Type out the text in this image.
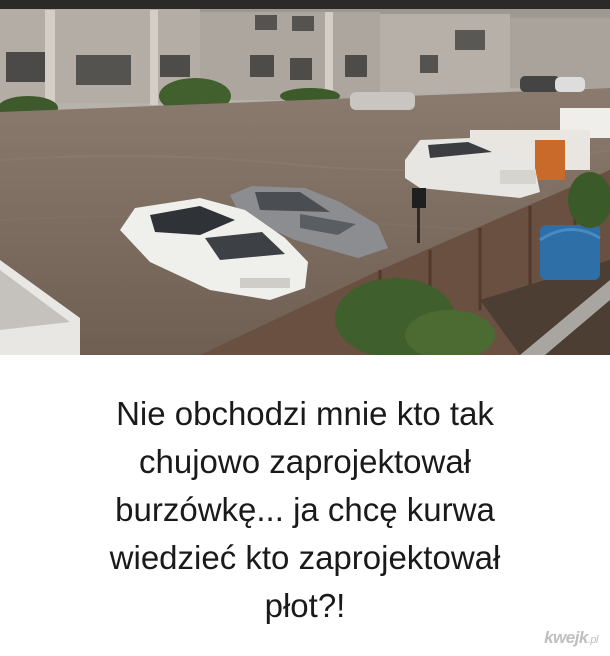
Nie obchodzi mnie kto tak
chujowo zaprojektował
burzówkę... ja chcę kurwa
wiedzieć kto zaprojektował
płot?!
kwejk.pl
